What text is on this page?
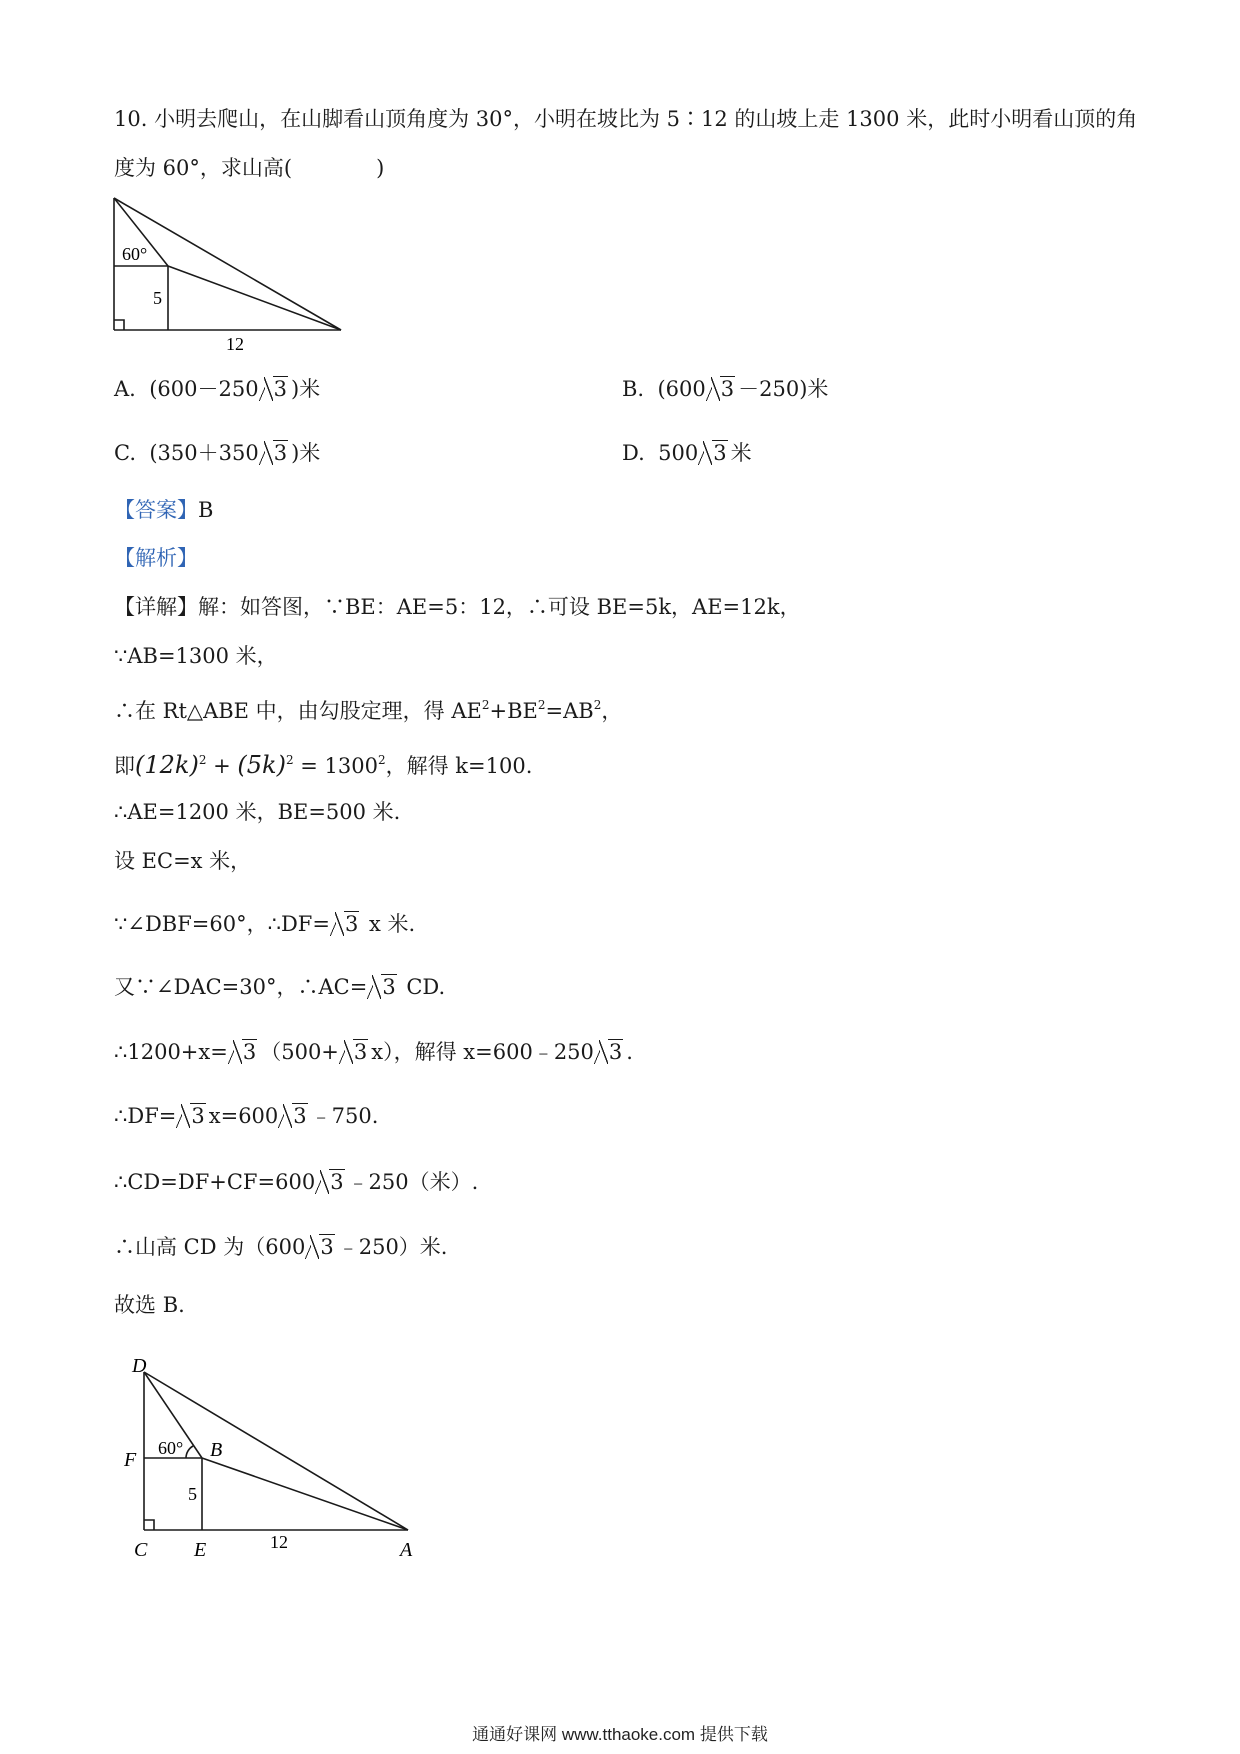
10. 小明去爬山，在山脚看山顶角度为 30°，小明在坡比为 5∶12 的山坡上走 1300 米，此时小明看山顶的角
度为 60°，求山高(　　　　)
60°
5
12
A. (600－250 3 )米	B. (600 3 －250)米
C. (350＋350 3 )米	D. 500 3 米
【答案】B
【解析】
【详解】解：如答图，∵BE：AE=5：12，∴可设 BE=5k，AE=12k，
∵AB=1300 米，
∴在 Rt△ABE 中，由勾股定理，得 $AE^2+BE^2=AB^2$，
即$(12k)^2 + (5k)^2 = 1300^2$，解得 k=100.
∴AE=1200 米，BE=500 米.
设 EC=x 米，
∵∠DBF=60°，∴DF= 3 x 米.
又∵∠DAC=30°，∴AC= 3 CD.
∴1200+x= 3 （500+ 3 x），解得 x=600﹣250 3 .
∴DF= 3 x=600 3 ﹣750.
∴CD=DF+CF=600 3 ﹣250（米）.
∴山高 CD 为（600 3 ﹣250）米.
故选 B.
D
F	B
C E	A
60°
5
12
通通好课网 www.tthaoke.com 提供下载
